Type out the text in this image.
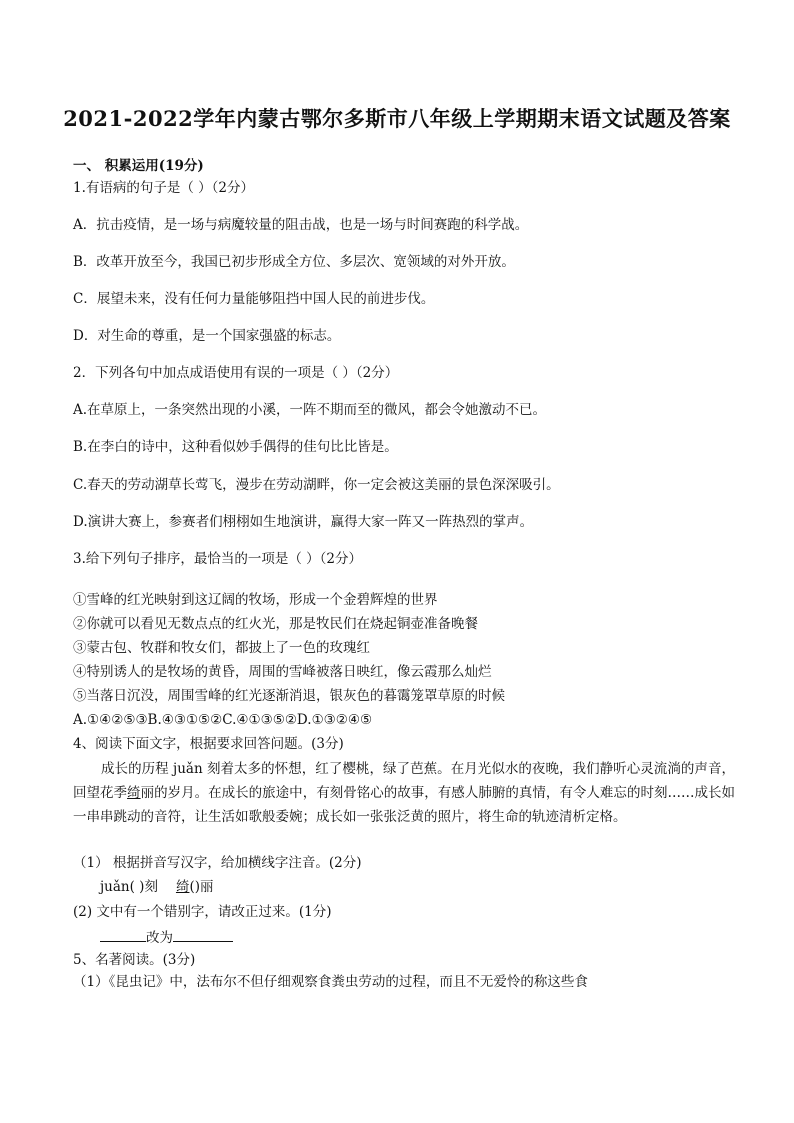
2021-2022学年内蒙古鄂尔多斯市八年级上学期期末语文试题及答案
一、 积累运用(19分)
1.有语病的句子是（ ）（2分）
A．抗击疫情，是一场与病魔较量的阻击战，也是一场与时间赛跑的科学战。
B．改革开放至今，我国已初步形成全方位、多层次、宽领域的对外开放。
C．展望未来，没有任何力量能够阻挡中国人民的前进步伐。
D．对生命的尊重，是一个国家强盛的标志。
2．下列各句中加点成语使用有误的一项是（ ）（2分）
A.在草原上，一条突然出现的小溪，一阵不期而至的微风，都会令她激动不已。
B.在李白的诗中，这种看似妙手偶得的佳句比比皆是。
C.春天的劳动湖草长莺飞，漫步在劳动湖畔，你一定会被这美丽的景色深深吸引。
D.演讲大赛上，参赛者们栩栩如生地演讲，赢得大家一阵又一阵热烈的掌声。
3.给下列句子排序，最恰当的一项是（ ）（2分）
①雪峰的红光映射到这辽阔的牧场，形成一个金碧辉煌的世界
②你就可以看见无数点点的红火光，那是牧民们在烧起铜壶准备晚餐
③蒙古包、牧群和牧女们，都披上了一色的玫瑰红
④特别诱人的是牧场的黄昏，周围的雪峰被落日映红，像云霞那么灿烂
⑤当落日沉没，周围雪峰的红光逐渐消退，银灰色的暮霭笼罩草原的时候
A.①④②⑤③B.④③①⑤②C.④①③⑤②D.①③②④⑤
4、阅读下面文字，根据要求回答问题。(3分)
成长的历程 juǎn 刻着太多的怀想，红了樱桃，绿了芭蕉。在月光似水的夜晚，我们静听心灵流淌的声音，回望花季绮丽的岁月。在成长的旅途中，有刻骨铭心的故事，有感人肺腑的真情，有令人难忘的时刻……成长如一串串跳动的音符，让生活如歌般委婉；成长如一张张泛黄的照片，将生命的轨迹清析定格。
（1） 根据拼音写汉字，给加横线字注音。(2分)
juǎn( )刻 绮()丽
(2) 文中有一个错别字，请改正过来。(1分)
改为
5、名著阅读。(3分)
（1）《昆虫记》中，法布尔不但仔细观察食粪虫劳动的过程，而且不无爱怜的称这些食
